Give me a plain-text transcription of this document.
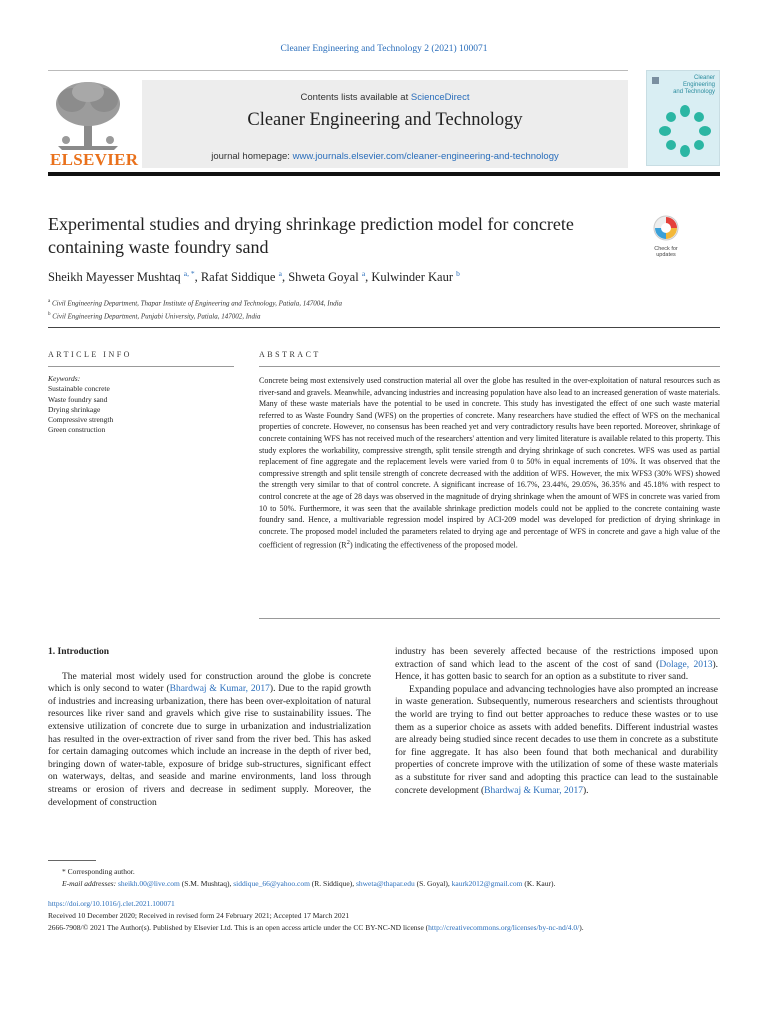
Cleaner Engineering and Technology 2 (2021) 100071
ELSEVIER
Contents lists available at ScienceDirect
Cleaner Engineering and Technology
journal homepage: www.journals.elsevier.com/cleaner-engineering-and-technology
Cleaner
Engineering
and Technology
Experimental studies and drying shrinkage prediction model for concrete containing waste foundry sand	Check for
updates
Sheikh Mayesser Mushtaq $^{a, *}$, Rafat Siddique $^a$, Shweta Goyal $^a$, Kulwinder Kaur $^b$
$^a$ Civil Engineering Department, Thapar Institute of Engineering and Technology, Patiala, 147004, India
$^b$ Civil Engineering Department, Punjabi University, Patiala, 147002, India
ARTICLE INFO	ABSTRACT
Keywords:
Sustainable concrete
Waste foundry sand
Drying shrinkage
Compressive strength
Green construction
Concrete being most extensively used construction material all over the globe has resulted in the over-exploitation of natural resources such as river-sand and gravels. Meanwhile, advancing industries and increasing population have also lead to an increased generation of waste materials. Many of these waste materials have the potential to be used in concrete. This study has investigated the effect of one such waste material referred to as Waste Foundry Sand (WFS) on the properties of concrete. Many researchers have studied the effect of WFS on the mechanical properties of concrete. However, no consensus has been reached yet and very contradictory results have been reported. Moreover, shrinkage of concrete containing WFS has not received much of the researchers' attention and very limited literature is available related to this property. This study explores the workability, compressive strength, split tensile strength and drying shrinkage of such concretes. WFS was used as partial replacement of fine aggregate and the replacement levels were varied from 0 to 50% in equal increments of 10%. It was observed that the compressive strength and split tensile strength of concrete decreased with the addition of WFS. However, the mix WFS3 (30% WFS) showed the strength very similar to that of control concrete. A significant increase of 16.7%, 23.44%, 29.05%, 36.35% and 45.18% with respect to control concrete at the age of 28 days was observed in the magnitude of drying shrinkage when the amount of WFS in concrete was varied from 10 to 50%. Furthermore, it was seen that the available shrinkage prediction models could not be applied to the concrete containing waste foundry sand. Hence, a multivariable regression model inspired by ACI-209 model was developed for prediction of drying shrinkage in concrete. The proposed model included the parameters related to drying age and percentage of WFS in concrete and gave a high value of the coefficient of regression $(R^2)$ indicating the effectiveness of the proposed model.
1. Introduction

The material most widely used for construction around the globe is concrete which is only second to water (Bhardwaj & Kumar, 2017). Due to the rapid growth of industries and increasing urbanization, there has been over-exploitation of natural resources like river sand and gravels which give rise to sustainability issues. The extensive utilization of concrete due to surge in urbanization and industrialization has resulted in the over-extraction of river sand from the river bed. This has asked for certain damaging outcomes which include an increase in the depth of river bed, bringing down of water-table, exposure of bridge sub-structures, significant effect on waterways, deltas, and seaside and marine environments, land loss through streams or erosion of rivers and decrease in sediment supply. Moreover, the development of construction

industry has been severely affected because of the restrictions imposed upon extraction of sand which lead to the ascent of the cost of sand (Dolage, 2013). Hence, it has gotten basic to search for an option as a substitute to river sand.

Expanding populace and advancing technologies have also prompted an increase in waste generation. Subsequently, numerous researchers and scientists throughout the world are trying to find out better approaches to reduce these wastes or to use them as a superior choice as assets with added benefits. Different industrial wastes are already being studied since recent decades to use them in concrete as a substitute for fine aggregate. It has also been found that both mechanical and durability properties of concrete improve with the utilization of some of these waste materials as a substitute for river sand and adopting this practice can lead to the sustainable concrete development (Bhardwaj & Kumar, 2017).

* Corresponding author.
E-mail addresses: sheikh.00@live.com (S.M. Mushtaq), siddique_66@yahoo.com (R. Siddique), shweta@thapar.edu (S. Goyal), kaurk2012@gmail.com (K. Kaur).
https://doi.org/10.1016/j.clet.2021.100071
Received 10 December 2020; Received in revised form 24 February 2021; Accepted 17 March 2021
2666-7908/© 2021 The Author(s). Published by Elsevier Ltd. This is an open access article under the CC BY-NC-ND license (http://creativecommons.org/licenses/by-nc-nd/4.0/).
